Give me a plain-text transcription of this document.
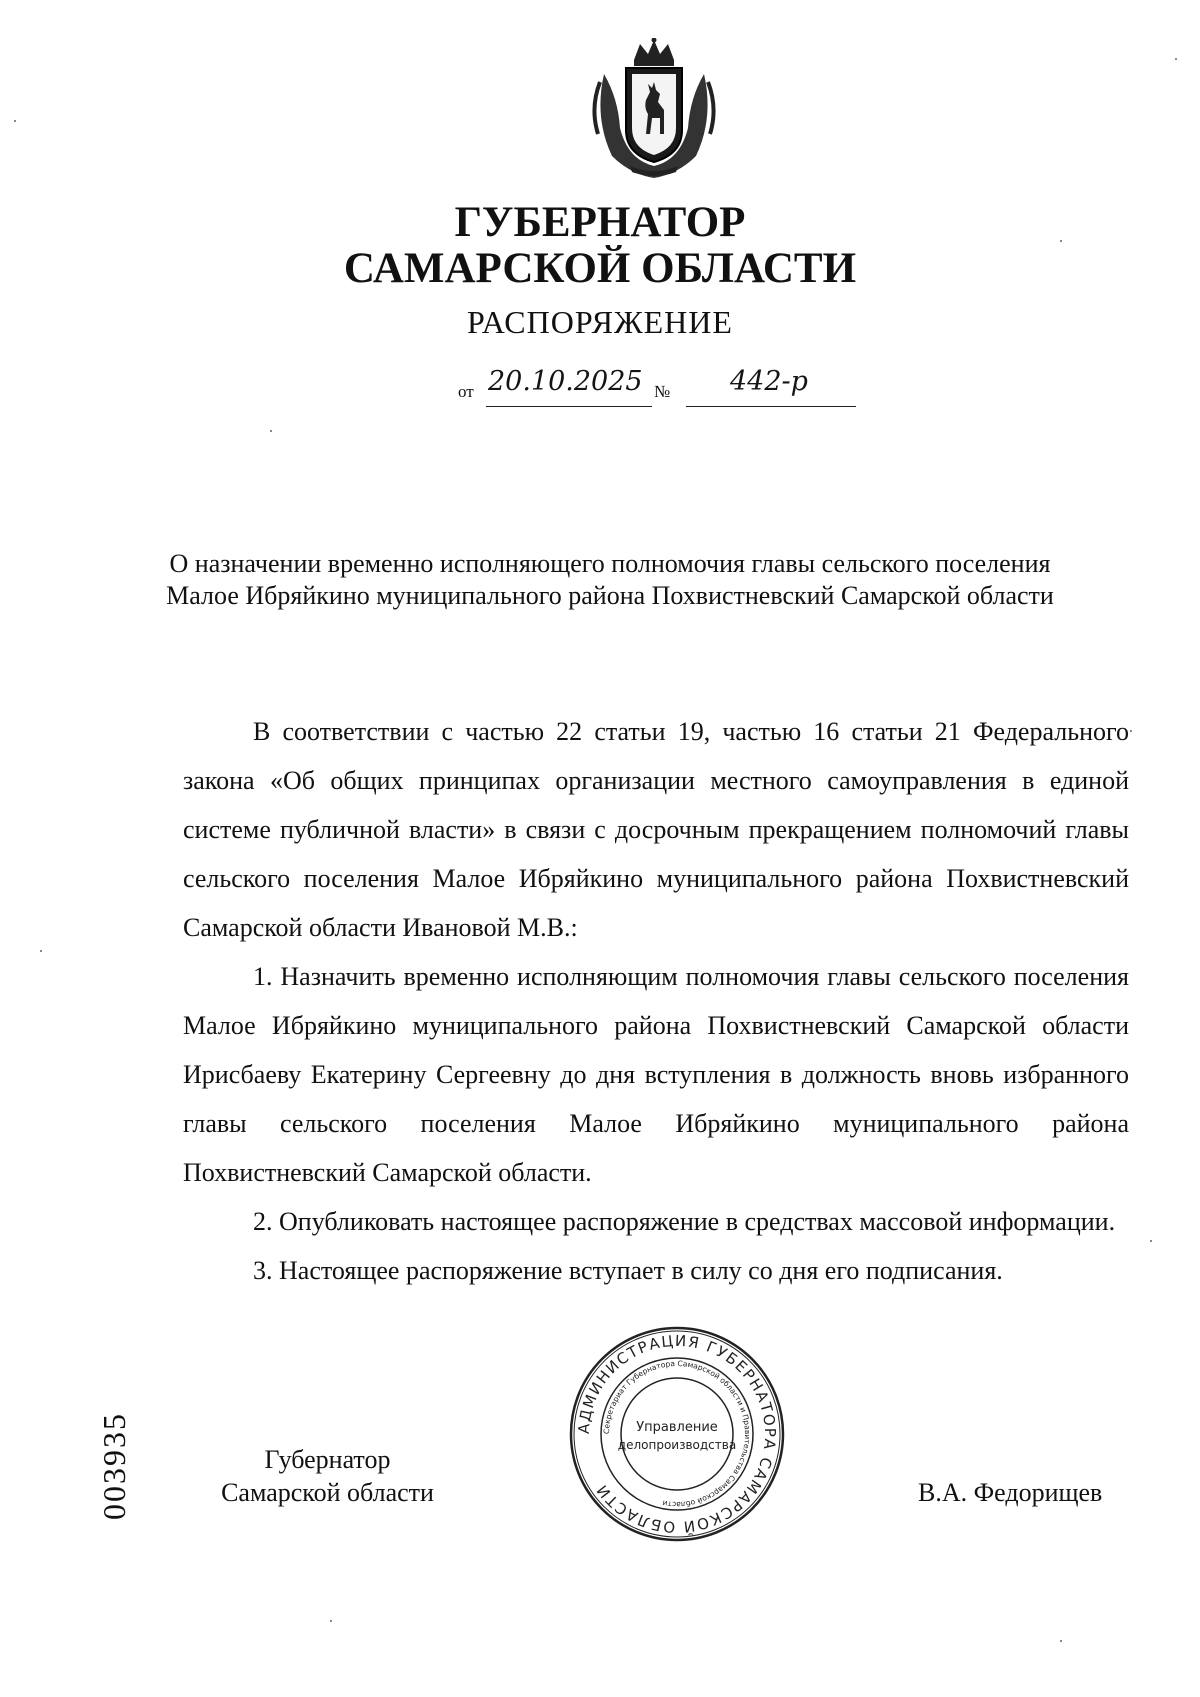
ГУБЕРНАТОР
САМАРСКОЙ ОБЛАСТИ
РАСПОРЯЖЕНИЕ
от 20.10.2025 № 442-р
О назначении временно исполняющего полномочия главы сельского поселения Малое Ибряйкино муниципального района Похвистневский Самарской области

В соответствии с частью 22 статьи 19, частью 16 статьи 21 Федерального закона «Об общих принципах организации местного самоуправления в единой системе публичной власти» в связи с досрочным прекращением полномочий главы сельского поселения Малое Ибряйкино муниципального района Похвистневский Самарской области Ивановой М.В.:

1. Назначить временно исполняющим полномочия главы сельского поселения Малое Ибряйкино муниципального района Похвистневский Самарской области Ирисбаеву Екатерину Сергеевну до дня вступления в должность вновь избранного главы сельского поселения Малое Ибряйкино муниципального района Похвистневский Самарской области.

2. Опубликовать настоящее распоряжение в средствах массовой информации.

3. Настоящее распоряжение вступает в силу со дня его подписания.

Губернатор
Самарской области	В.А. Федорищев
АДМИНИСТРАЦИЯ ГУБЕРНАТОРА САМАРСКОЙ ОБЛАСТИ
Секретариат Губернатора Самарской области и Правительства Самарской области
Управление
делопроизводства
003935
